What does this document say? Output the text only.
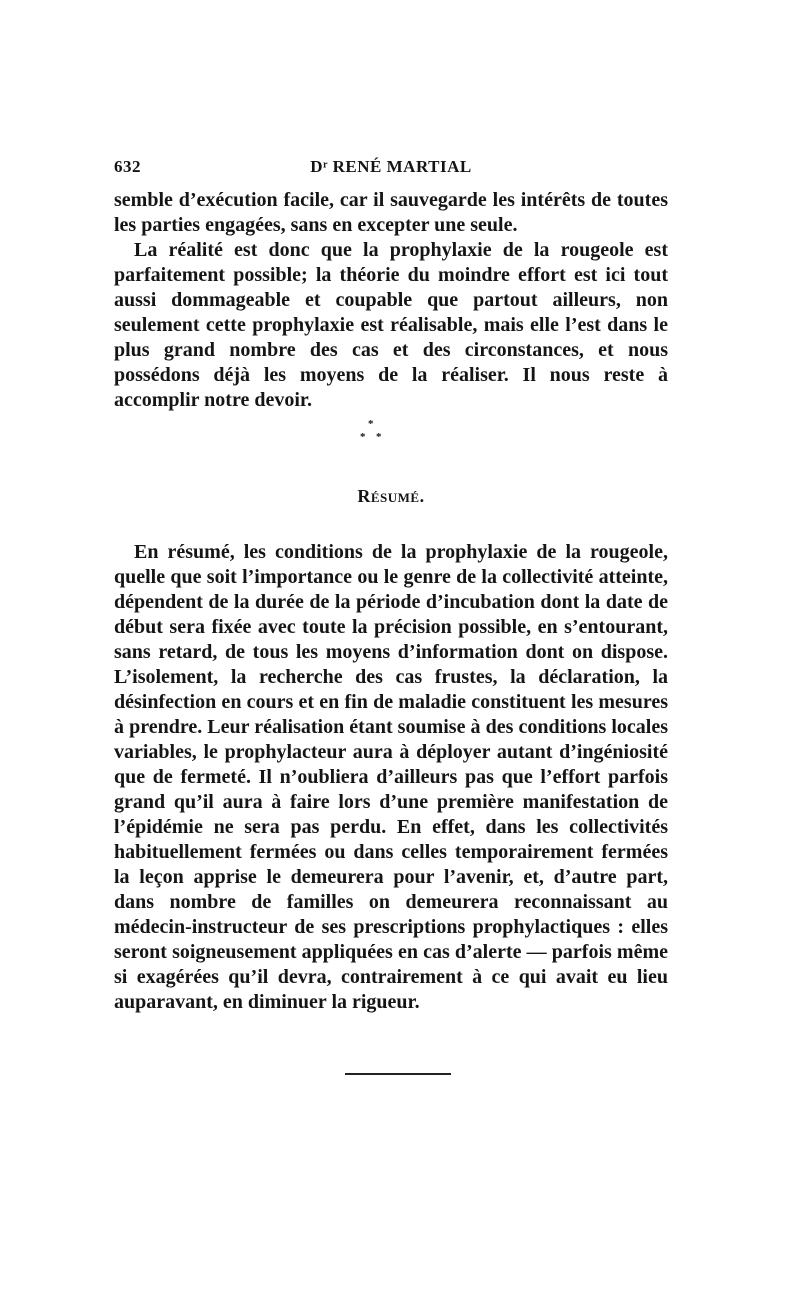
632	Dʳ RENÉ MARTIAL

semble d’exécution facile, car il sauvegarde les intérêts de toutes les parties engagées, sans en excepter une seule.

La réalité est donc que la prophylaxie de la rougeole est parfaitement possible; la théorie du moindre effort est ici tout aussi dommageable et coupable que partout ailleurs, non seulement cette prophylaxie est réalisable, mais elle l’est dans le plus grand nombre des cas et des circonstances, et nous possédons déjà les moyens de la réaliser. Il nous reste à accomplir notre devoir.

*
* *
Résumé.

En résumé, les conditions de la prophylaxie de la rougeole, quelle que soit l’importance ou le genre de la collectivité atteinte, dépendent de la durée de la période d’incubation dont la date de début sera fixée avec toute la précision possible, en s’entourant, sans retard, de tous les moyens d’information dont on dispose. L’isolement, la recherche des cas frustes, la déclaration, la désinfection en cours et en fin de maladie constituent les mesures à prendre. Leur réalisation étant soumise à des conditions locales variables, le prophylacteur aura à déployer autant d’ingéniosité que de fermeté. Il n’oubliera d’ailleurs pas que l’effort parfois grand qu’il aura à faire lors d’une première manifestation de l’épidémie ne sera pas perdu. En effet, dans les collectivités habituellement fermées ou dans celles temporairement fermées la leçon apprise le demeurera pour l’avenir, et, d’autre part, dans nombre de familles on demeurera reconnaissant au médecin-instructeur de ses prescriptions prophylactiques : elles seront soigneusement appliquées en cas d’alerte — parfois même si exagérées qu’il devra, contrairement à ce qui avait eu lieu auparavant, en diminuer la rigueur.
